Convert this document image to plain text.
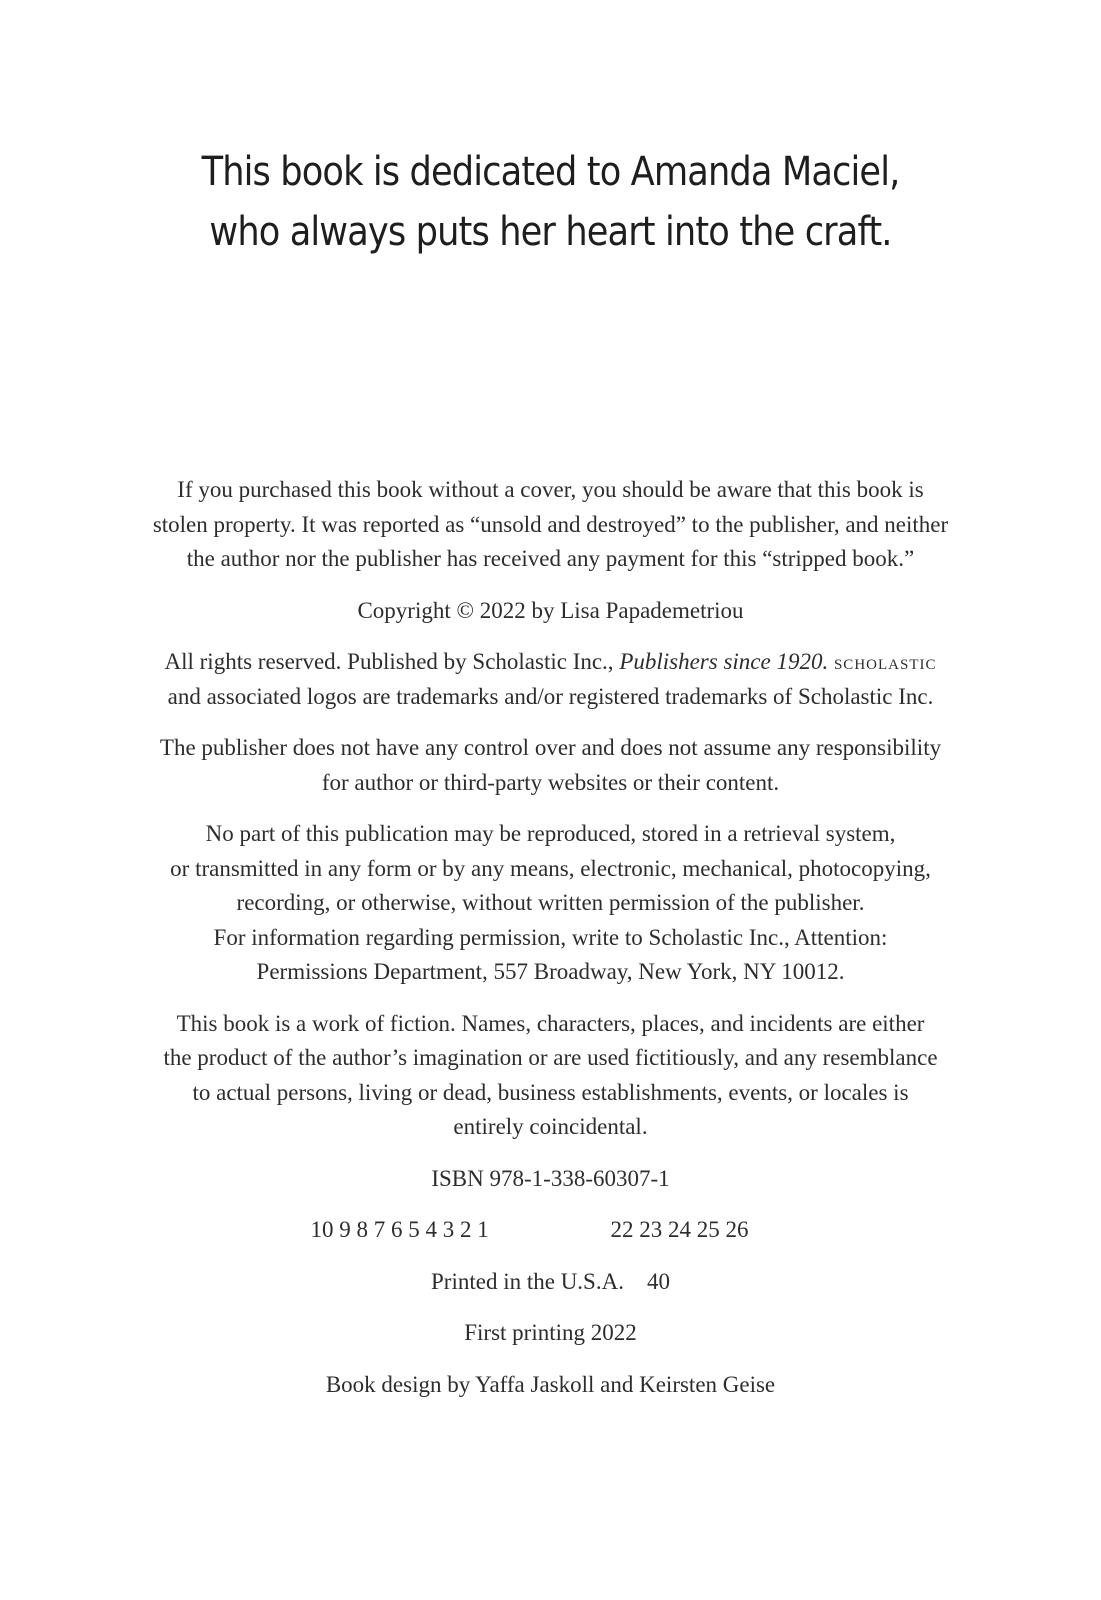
This book is dedicated to Amanda Maciel,
who always puts her heart into the craft.
If you purchased this book without a cover, you should be aware that this book is
stolen property. It was reported as “unsold and destroyed” to the publisher, and neither
the author nor the publisher has received any payment for this “stripped book.”
Copyright © 2022 by Lisa Papademetriou
All rights reserved. Published by Scholastic Inc., Publishers since 1920. scholastic
and associated logos are trademarks and/or registered trademarks of Scholastic Inc.
The publisher does not have any control over and does not assume any responsibility
for author or third-party websites or their content.
No part of this publication may be reproduced, stored in a retrieval system,
or transmitted in any form or by any means, electronic, mechanical, photocopying,
recording, or otherwise, without written permission of the publisher.
For information regarding permission, write to Scholastic Inc., Attention:
Permissions Department, 557 Broadway, New York, NY 10012.
This book is a work of fiction. Names, characters, places, and incidents are either
the product of the author’s imagination or are used fictitiously, and any resemblance
to actual persons, living or dead, business establishments, events, or locales is
entirely coincidental.
ISBN 978-1-338-60307-1
10 9 8 7 6 5 4 3 2 1	22 23 24 25 26
Printed in the U.S.A. 40
First printing 2022
Book design by Yaffa Jaskoll and Keirsten Geise
